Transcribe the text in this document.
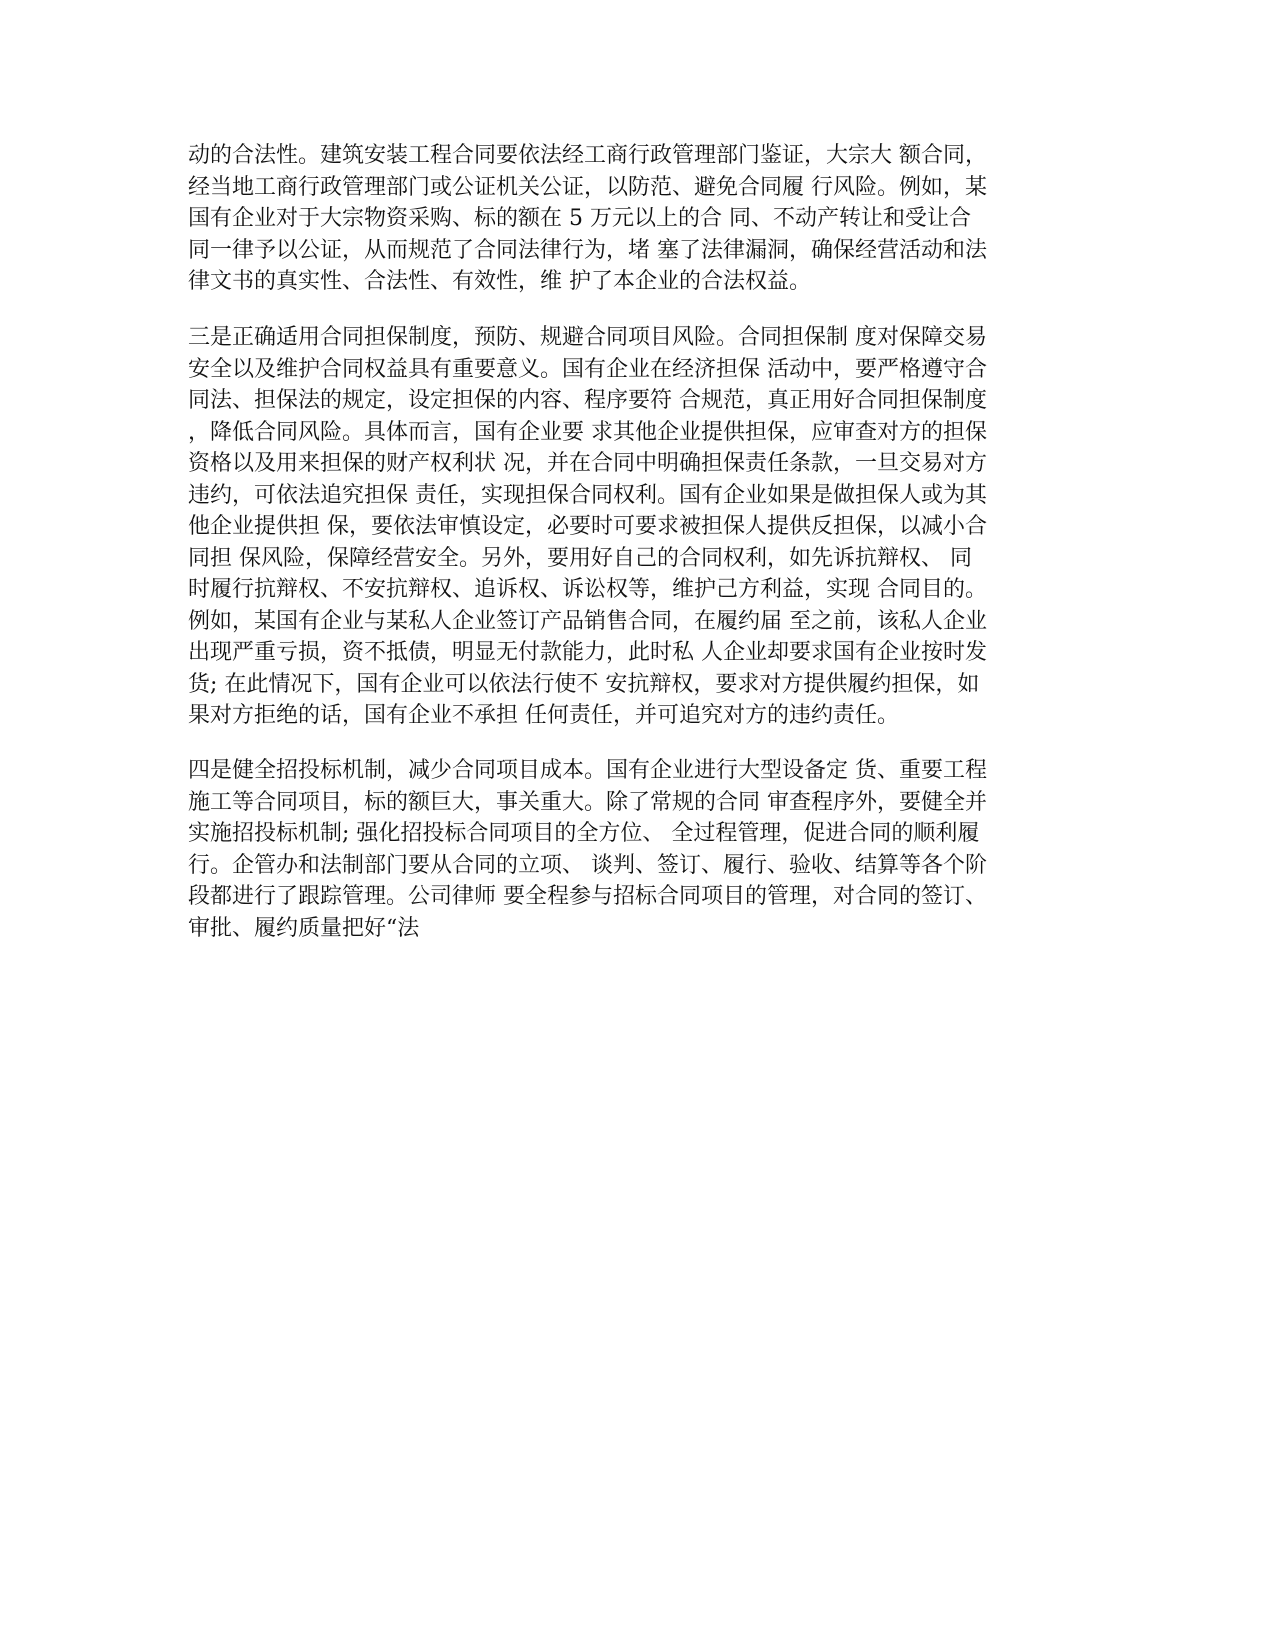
动的合法性。建筑安装工程合同要依法经工商行政管理部门鉴证，大宗大 额合同，
经当地工商行政管理部门或公证机关公证，以防范、避免合同履 行风险。例如，某
国有企业对于大宗物资采购、标的额在 5 万元以上的合 同、不动产转让和受让合
同一律予以公证，从而规范了合同法律行为，堵 塞了法律漏洞，确保经营活动和法
律文书的真实性、合法性、有效性，维 护了本企业的合法权益。
三是正确适用合同担保制度，预防、规避合同项目风险。合同担保制 度对保障交易
安全以及维护合同权益具有重要意义。国有企业在经济担保 活动中，要严格遵守合
同法、担保法的规定，设定担保的内容、程序要符 合规范，真正用好合同担保制度
，降低合同风险。具体而言，国有企业要 求其他企业提供担保，应审查对方的担保
资格以及用来担保的财产权利状 况，并在合同中明确担保责任条款，一旦交易对方
违约，可依法追究担保 责任，实现担保合同权利。国有企业如果是做担保人或为其
他企业提供担 保，要依法审慎设定，必要时可要求被担保人提供反担保，以减小合
同担 保风险，保障经营安全。另外，要用好自己的合同权利，如先诉抗辩权、 同
时履行抗辩权、不安抗辩权、追诉权、诉讼权等，维护己方利益，实现 合同目的。
例如，某国有企业与某私人企业签订产品销售合同，在履约届 至之前，该私人企业
出现严重亏损，资不抵债，明显无付款能力，此时私 人企业却要求国有企业按时发
货; 在此情况下，国有企业可以依法行使不 安抗辩权，要求对方提供履约担保，如
果对方拒绝的话，国有企业不承担 任何责任，并可追究对方的违约责任。
四是健全招投标机制，减少合同项目成本。国有企业进行大型设备定 货、重要工程
施工等合同项目，标的额巨大，事关重大。除了常规的合同 审查程序外，要健全并
实施招投标机制; 强化招投标合同项目的全方位、 全过程管理，促进合同的顺利履
行。企管办和法制部门要从合同的立项、 谈判、签订、履行、验收、结算等各个阶
段都进行了跟踪管理。公司律师 要全程参与招标合同项目的管理，对合同的签订、
审批、履约质量把好“法
